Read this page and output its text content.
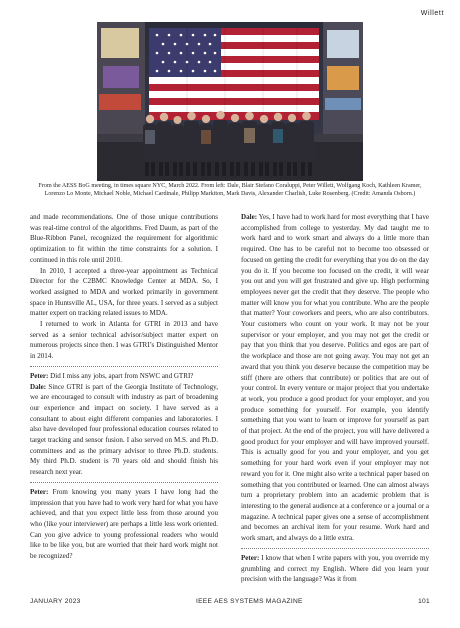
Willett
From the AESS BoG meeting, in times square NYC, March 2022. From left: Dale, Blair Stefano Coraluppi, Peter Willett, Wolfgang Koch, Kathleen Kramer, Lorenzo Lo Monte, Michael Noble, Michael Cardinale, Philipp Markiton, Mark Davis, Alexander Charlish, Luke Rosenberg. (Credit: Amanda Osborn.)

and made recommendations. One of those unique contributions was real-time control of the algorithms. Fred Daum, as part of the Blue-Ribbon Panel, recognized the requirement for algorithmic optimization to fit within the time constraints for a solution. I continued in this role until 2010.

In 2010, I accepted a three-year appointment as Technical Director for the C2BMC Knowledge Center at MDA. So, I worked assigned to MDA and worked primarily in government space in Huntsville AL, USA, for three years. I served as a subject matter expert on tracking related issues to MDA.

I returned to work in Atlanta for GTRI in 2013 and have served as a senior technical advisor/subject matter expert on numerous projects since then. I was GTRI’s Distinguished Mentor in 2014.

Peter: Did I miss any jobs, apart from NSWC and GTRI?

Dale: Since GTRI is part of the Georgia Institute of Technology, we are encouraged to consult with industry as part of broadening our experience and impact on society. I have served as a consultant to about eight different companies and laboratories. I also have developed four professional education courses related to target tracking and sensor fusion. I also served on M.S. and Ph.D. committees and as the primary advisor to three Ph.D. students. My third Ph.D. student is 70 years old and should finish his research next year.

Peter: From knowing you many years I have long had the impression that you have had to work very hard for what you have achieved, and that you expect little less from those around you who (like your interviewer) are perhaps a little less work oriented. Can you give advice to young professional readers who would like to be like you, but are worried that their hard work might not be recognized?

Dale: Yes, I have had to work hard for most everything that I have accomplished from college to yesterday. My dad taught me to work hard and to work smart and always do a little more than required. One has to be careful not to become too obsessed or focused on getting the credit for everything that you do on the day you do it. If you become too focused on the credit, it will wear you out and you will get frustrated and give up. High performing employees never get the credit that they deserve. The people who matter will know you for what you contribute. Who are the people that matter? Your coworkers and peers, who are also contributors. Your customers who count on your work. It may not be your supervisor or your employer, and you may not get the credit or pay that you think that you deserve. Politics and egos are part of the workplace and those are not going away. You may not get an award that you think you deserve because the competition may be stiff (there are others that contribute) or politics that are out of your control. In every venture or major project that you undertake at work, you produce a good product for your employer, and you produce something for yourself. For example, you identify something that you want to learn or improve for yourself as part of that project. At the end of the project, you will have delivered a good product for your employer and will have improved yourself. This is actually good for you and your employer, and you get something for your hard work even if your employer may not reward you for it. One might also write a technical paper based on something that you contributed or learned. One can almost always turn a proprietary problem into an academic problem that is interesting to the general audience at a conference or a journal or a magazine. A technical paper gives one a sense of accomplishment and becomes an archival item for your resume. Work hard and work smart, and always do a little extra.

Peter: I know that when I write papers with you, you override my grumbling and correct my English. Where did you learn your precision with the language? Was it from

JANUARY 2023	IEEE AES SYSTEMS MAGAZINE	101
